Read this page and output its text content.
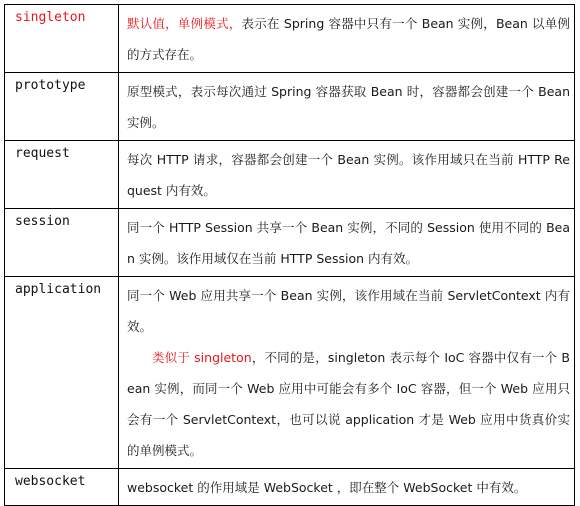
singleton	默认值，单例模式，表示在 Spring 容器中只有一个 Bean 实例，Bean 以单例的方式存在。
prototype	原型模式，表示每次通过 Spring 容器获取 Bean 时，容器都会创建一个 Bean 实例。
request	每次 HTTP 请求，容器都会创建一个 Bean 实例。该作用域只在当前 HTTP Request 内有效。
session	同一个 HTTP Session 共享一个 Bean 实例，不同的 Session 使用不同的 Bean 实例。该作用域仅在当前 HTTP Session 内有效。
application	同一个 Web 应用共享一个 Bean 实例，该作用域在当前 ServletContext 内有效。

类似于 singleton，不同的是，singleton 表示每个 IoC 容器中仅有一个 Bean 实例，而同一个 Web 应用中可能会有多个 IoC 容器，但一个 Web 应用只会有一个 ServletContext，也可以说 application 才是 Web 应用中货真价实的单例模式。

websocket	websocket 的作用域是 WebSocket ，即在整个 WebSocket 中有效。
